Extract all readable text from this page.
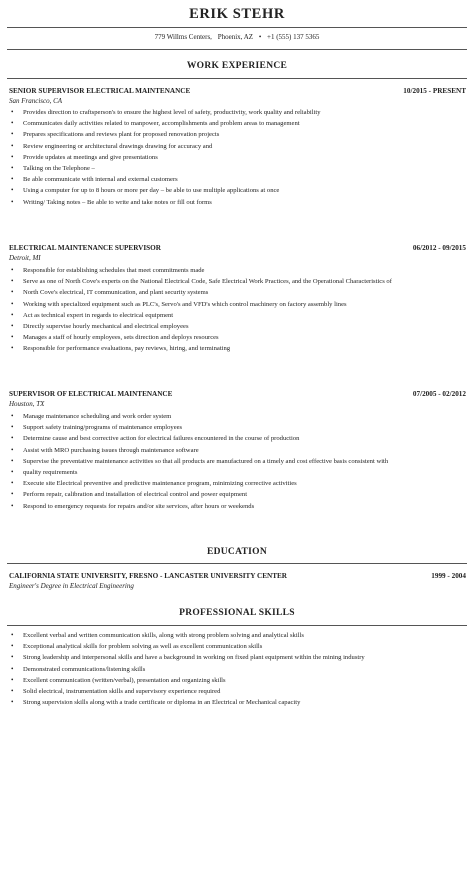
ERIK STEHR
779 Willms Centers, Phoenix, AZ • +1 (555) 137 5365
WORK EXPERIENCE
SENIOR SUPERVISOR ELECTRICAL MAINTENANCE	10/2015 - PRESENT
San Francisco, CA
• Provides direction to craftsperson's to ensure the highest level of safety, productivity, work quality and reliability
• Communicates daily activities related to manpower, accomplishments and problem areas to management
• Prepares specifications and reviews plant for proposed renovation projects
• Review engineering or architectural drawings drawing for accuracy and
• Provide updates at meetings and give presentations
• Talking on the Telephone –
• Be able communicate with internal and external customers
• Using a computer for up to 8 hours or more per day – be able to use multiple applications at once
• Writing/ Taking notes – Be able to write and take notes or fill out forms
ELECTRICAL MAINTENANCE SUPERVISOR	06/2012 - 09/2015
Detroit, MI
• Responsible for establishing schedules that meet commitments made
• Serve as one of North Cove's experts on the National Electrical Code, Safe Electrical Work Practices, and the Operational Characteristics of
• North Cove's electrical, IT communication, and plant security systems
• Working with specialized equipment such as PLC's, Servo's and VFD's which control machinery on factory assembly lines
• Act as technical expert in regards to electrical equipment
• Directly supervise hourly mechanical and electrical employees
• Manages a staff of hourly employees, sets direction and deploys resources
• Responsible for performance evaluations, pay reviews, hiring, and terminating
SUPERVISOR OF ELECTRICAL MAINTENANCE	07/2005 - 02/2012
Houston, TX
• Manage maintenance scheduling and work order system
• Support safety training/programs of maintenance employees
• Determine cause and best corrective action for electrical failures encountered in the course of production
• Assist with MRO purchasing issues through maintenance software
• Supervise the preventative maintenance activities so that all products are manufactured on a timely and cost effective basis consistent with
• quality requirements
• Execute site Electrical preventive and predictive maintenance program, minimizing corrective activities
• Perform repair, calibration and installation of electrical control and power equipment
• Respond to emergency requests for repairs and/or site services, after hours or weekends
EDUCATION
CALIFORNIA STATE UNIVERSITY, FRESNO - LANCASTER UNIVERSITY CENTER	1999 - 2004
Engineer's Degree in Electrical Engineering
PROFESSIONAL SKILLS
• Excellent verbal and written communication skills, along with strong problem solving and analytical skills
• Exceptional analytical skills for problem solving as well as excellent communication skills
• Strong leadership and interpersonal skills and have a background in working on fixed plant equipment within the mining industry
• Demonstrated communications/listening skills
• Excellent communication (written/verbal), presentation and organizing skills
• Solid electrical, instrumentation skills and supervisory experience required
• Strong supervision skills along with a trade certificate or diploma in an Electrical or Mechanical capacity
